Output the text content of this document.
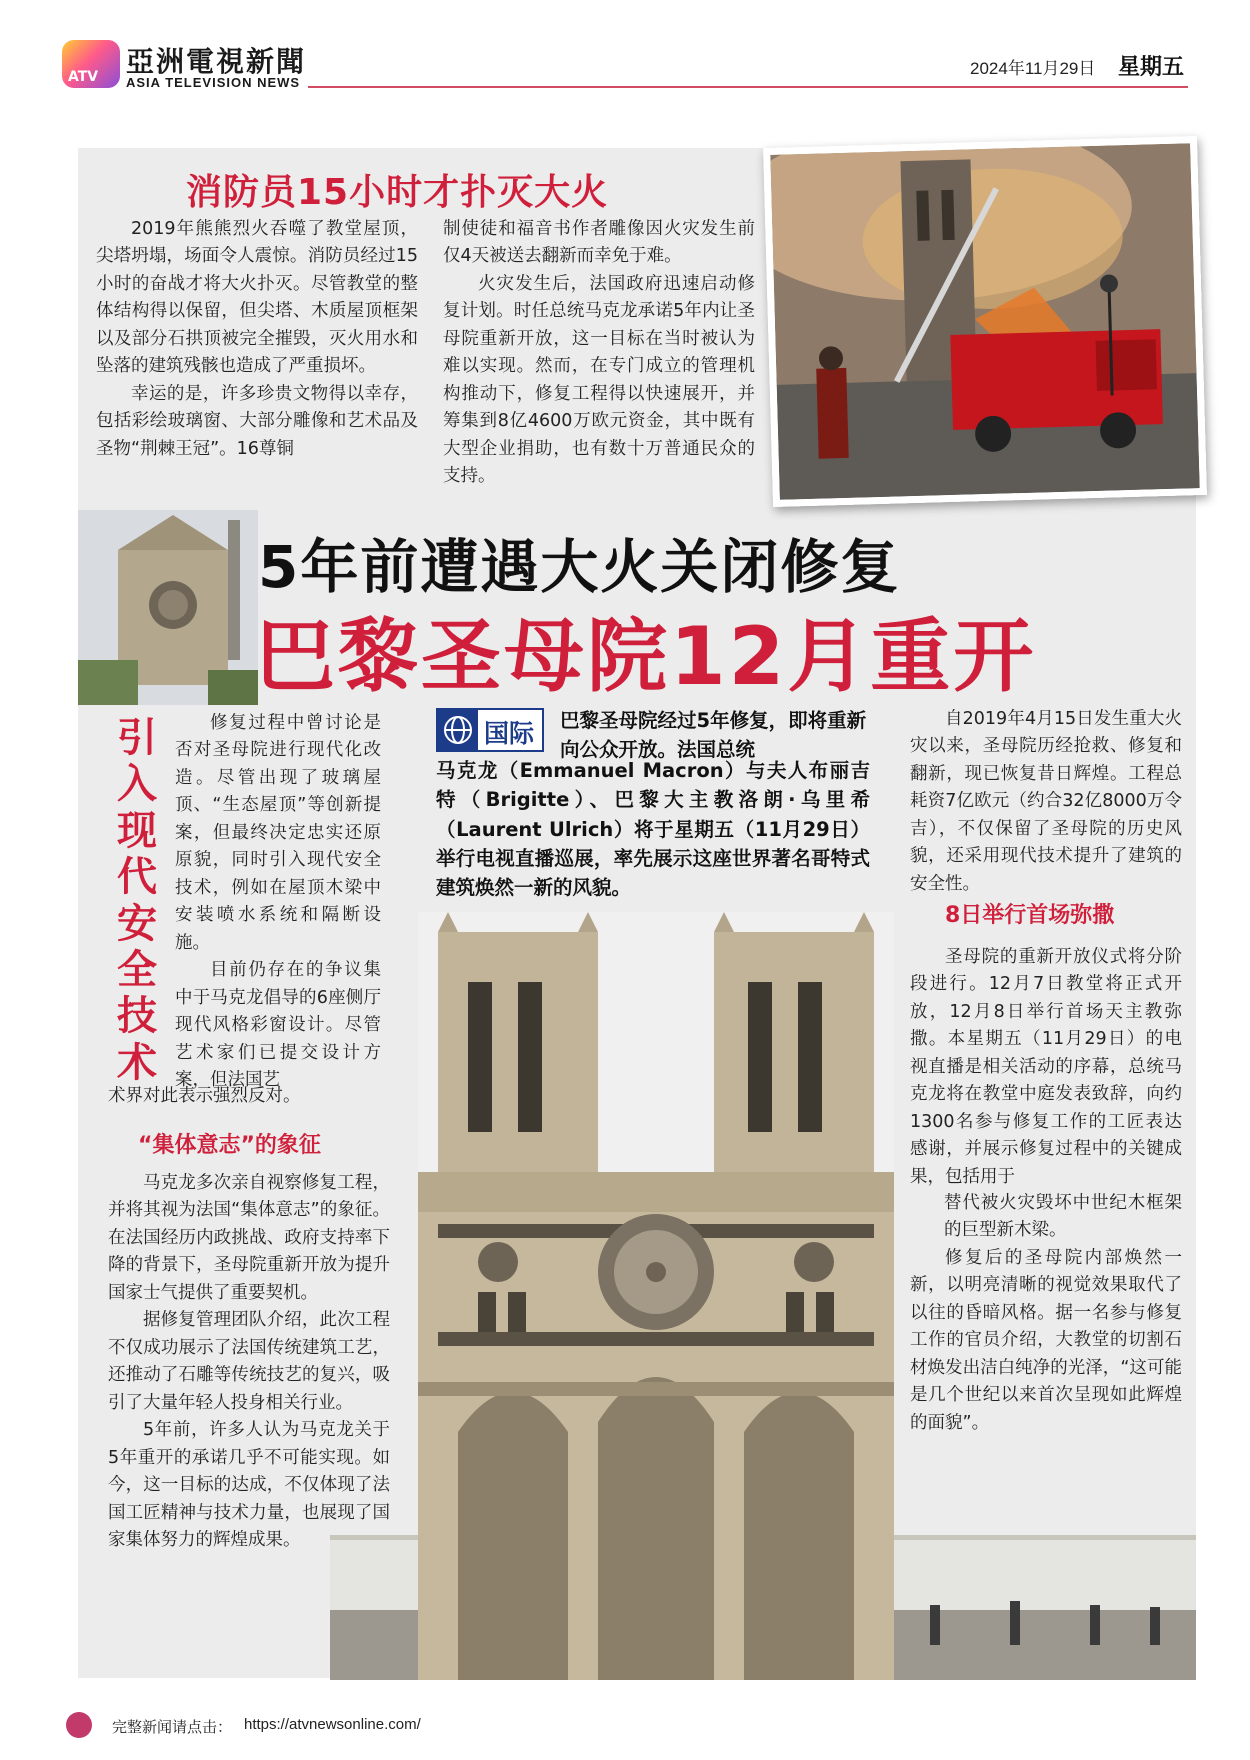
ATV 亞洲電視新聞
ASIA TELEVISION NEWS
2024年11月29日 星期五
消防员15小时才扑灭大火

2019年熊熊烈火吞噬了教堂屋顶，尖塔坍塌，场面令人震惊。消防员经过15小时的奋战才将大火扑灭。尽管教堂的整体结构得以保留，但尖塔、木质屋顶框架以及部分石拱顶被完全摧毁，灭火用水和坠落的建筑残骸也造成了严重损坏。

幸运的是，许多珍贵文物得以幸存，包括彩绘玻璃窗、大部分雕像和艺术品及圣物“荆棘王冠”。16尊铜

制使徒和福音书作者雕像因火灾发生前仅4天被送去翻新而幸免于难。

火灾发生后，法国政府迅速启动修复计划。时任总统马克龙承诺5年内让圣母院重新开放，这一目标在当时被认为难以实现。然而，在专门成立的管理机构推动下，修复工程得以快速展开，并筹集到8亿4600万欧元资金，其中既有大型企业捐助，也有数十万普通民众的支持。

5年前遭遇大火关闭修复
巴黎圣母院12月重开
引入现代安全技术

修复过程中曾讨论是否对圣母院进行现代化改造。尽管出现了玻璃屋顶、“生态屋顶”等创新提案，但最终决定忠实还原原貌，同时引入现代安全技术，例如在屋顶木梁中安装喷水系统和隔断设施。

目前仍存在的争议集中于马克龙倡导的6座侧厅现代风格彩窗设计。尽管艺术家们已提交设计方案，但法国艺

术界对此表示强烈反对。

“集体意志”的象征

马克龙多次亲自视察修复工程，并将其视为法国“集体意志”的象征。在法国经历内政挑战、政府支持率下降的背景下，圣母院重新开放为提升国家士气提供了重要契机。

据修复管理团队介绍，此次工程不仅成功展示了法国传统建筑工艺，还推动了石雕等传统技艺的复兴，吸引了大量年轻人投身相关行业。

5年前，许多人认为马克龙关于5年重开的承诺几乎不可能实现。如今，这一目标的达成，不仅体现了法国工匠精神与技术力量，也展现了国家集体努力的辉煌成果。

国际 巴黎圣母院经过5年修复，即将重新向公众开放。法国总统
马克龙（Emmanuel Macron）与夫人布丽吉特（Brigitte）、巴黎大主教洛朗·乌里希（Laurent Ulrich）将于星期五（11月29日）举行电视直播巡展，率先展示这座世界著名哥特式建筑焕然一新的风貌。

自2019年4月15日发生重大火灾以来，圣母院历经抢救、修复和翻新，现已恢复昔日辉煌。工程总耗资7亿欧元（约合32亿8000万令吉），不仅保留了圣母院的历史风貌，还采用现代技术提升了建筑的安全性。

8日举行首场弥撒

圣母院的重新开放仪式将分阶段进行。12月7日教堂将正式开放，12月8日举行首场天主教弥撒。本星期五（11月29日）的电视直播是相关活动的序幕，总统马克龙将在教堂中庭发表致辞，向约1300名参与修复工作的工匠表达感谢，并展示修复过程中的关键成果，包括用于

替代被火灾毁坏中世纪木框架的巨型新木梁。

修复后的圣母院内部焕然一新，以明亮清晰的视觉效果取代了以往的昏暗风格。据一名参与修复工作的官员介绍，大教堂的切割石材焕发出洁白纯净的光泽，“这可能是几个世纪以来首次呈现如此辉煌的面貌”。

完整新闻请点击： https://atvnewsonline.com/
